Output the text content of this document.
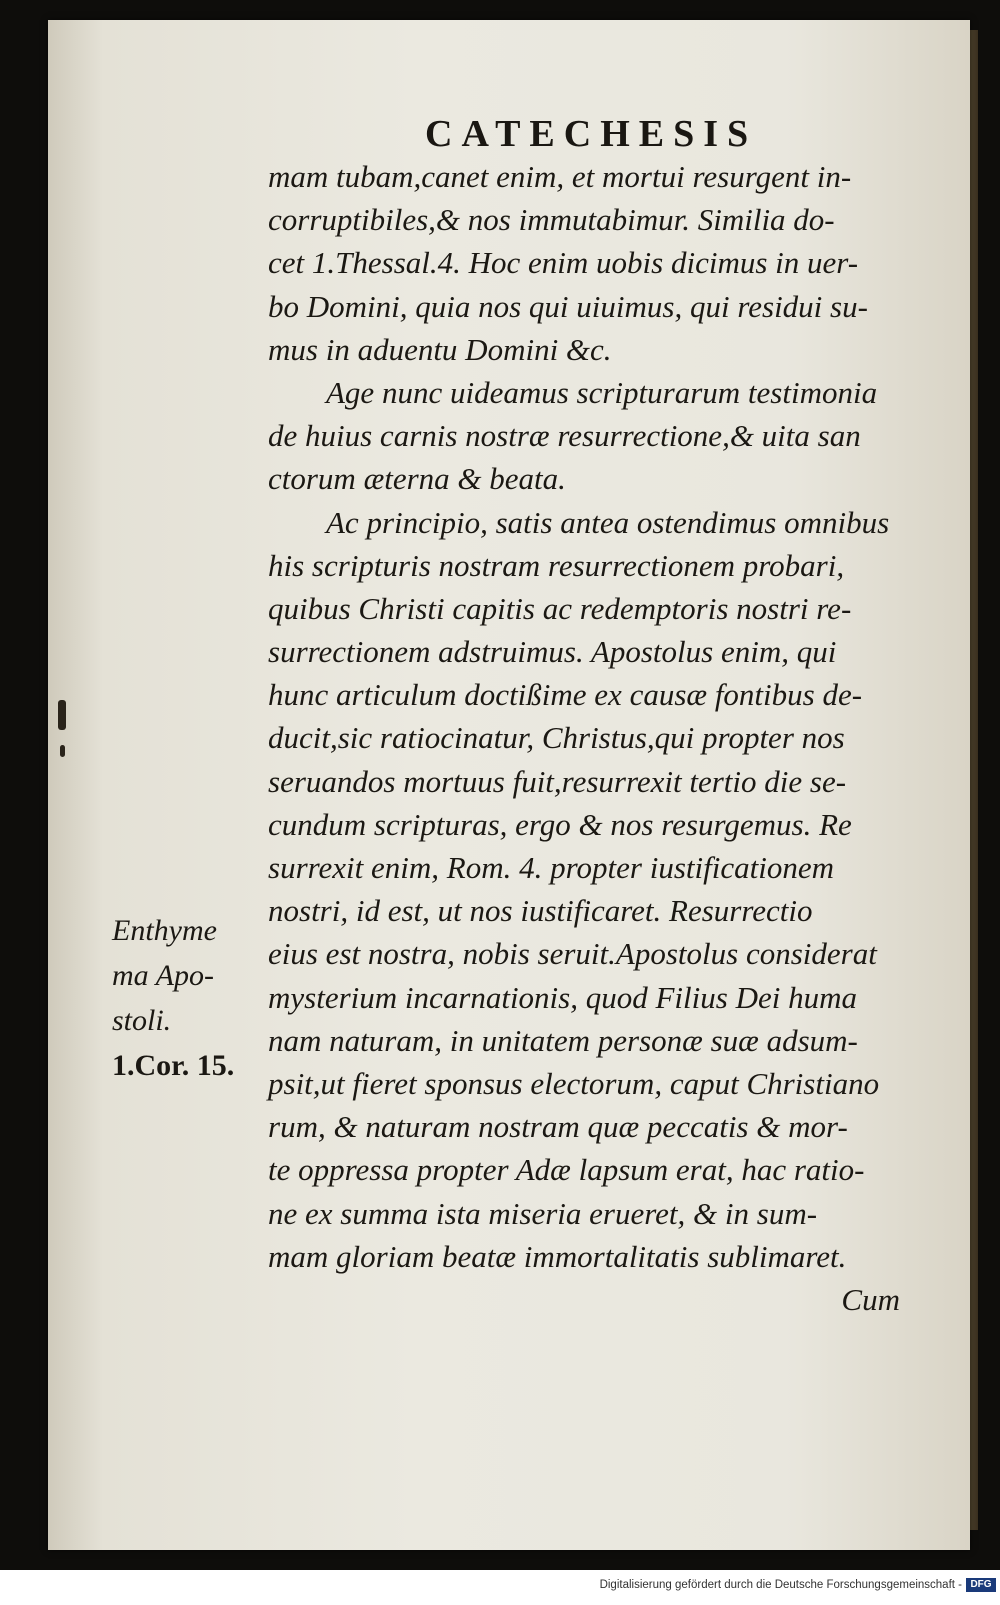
CATECHESIS
mam tubam,canet enim, et mortui resurgent in-
corruptibiles,& nos immutabimur. Similia do-
cet 1.Thessal.4. Hoc enim uobis dicimus in uer-
bo Domini, quia nos qui uiuimus, qui residui su-
mus in aduentu Domini &c.
Age nunc uideamus scripturarum testimonia
de huius carnis nostræ resurrectione,& uita san
ctorum æterna & beata.
Ac principio, satis antea ostendimus omnibus
his scripturis nostram resurrectionem probari,
quibus Christi capitis ac redemptoris nostri re-
surrectionem adstruimus. Apostolus enim, qui
hunc articulum doctißime ex causæ fontibus de-
ducit,sic ratiocinatur, Christus,qui propter nos
seruandos mortuus fuit,resurrexit tertio die se-
cundum scripturas, ergo & nos resurgemus. Re
surrexit enim, Rom. 4. propter iustificationem
nostri, id est, ut nos iustificaret. Resurrectio
eius est nostra, nobis seruit.Apostolus considerat
mysterium incarnationis, quod Filius Dei huma
nam naturam, in unitatem personæ suæ adsum-
psit,ut fieret sponsus electorum, caput Christiano
rum, & naturam nostram quæ peccatis & mor-
te oppressa propter Adæ lapsum erat, hac ratio-
ne ex summa ista miseria erueret, & in sum-
mam gloriam beatæ immortalitatis sublimaret.
Cum
Enthyme
ma Apo-
stoli.
1.Cor. 15.
Digitalisierung gefördert durch die Deutsche Forschungsgemeinschaft - DFG
